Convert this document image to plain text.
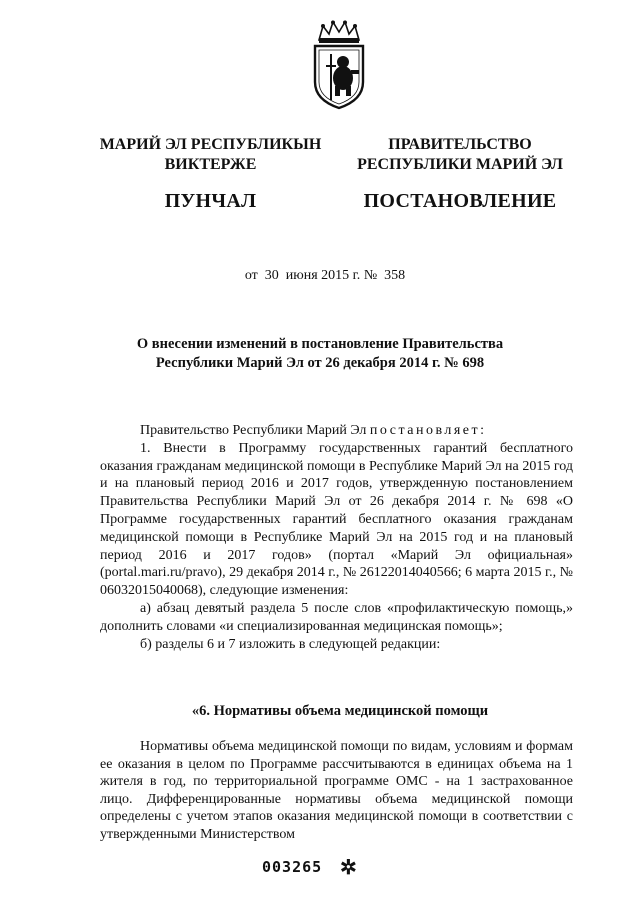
МАРИЙ ЭЛ РЕСПУБЛИКЫН
ВИКТЕРЖЕ
ПУНЧАЛ
ПРАВИТЕЛЬСТВО
РЕСПУБЛИКИ МАРИЙ ЭЛ
ПОСТАНОВЛЕНИЕ
от 30 июня 2015 г. № 358
О внесении изменений в постановление Правительства
Республики Марий Эл от 26 декабря 2014 г. № 698

Правительство Республики Марий Эл постановляет:

1. Внести в Программу государственных гарантий бесплатного оказания гражданам медицинской помощи в Республике Марий Эл на 2015 год и на плановый период 2016 и 2017 годов, утвержденную постановлением Правительства Республики Марий Эл от 26 декабря 2014 г. № 698 «О Программе государственных гарантий бесплатного оказания гражданам медицинской помощи в Республике Марий Эл на 2015 год и на плановый период 2016 и 2017 годов» (портал «Марий Эл официальная» (portal.mari.ru/pravo), 29 декабря 2014 г., № 26122014040566; 6 марта 2015 г., № 06032015040068), следующие изменения:

а) абзац девятый раздела 5 после слов «профилактическую помощь,» дополнить словами «и специализированная медицинская помощь»;

б) разделы 6 и 7 изложить в следующей редакции:

«6. Нормативы объема медицинской помощи

Нормативы объема медицинской помощи по видам, условиям и формам ее оказания в целом по Программе рассчитываются в единицах объема на 1 жителя в год, по территориальной программе ОМС - на 1 застрахованное лицо. Дифференцированные нормативы объема медицинской помощи определены с учетом этапов оказания медицинской помощи в соответствии с утвержденными Министерством

003265 ✲
